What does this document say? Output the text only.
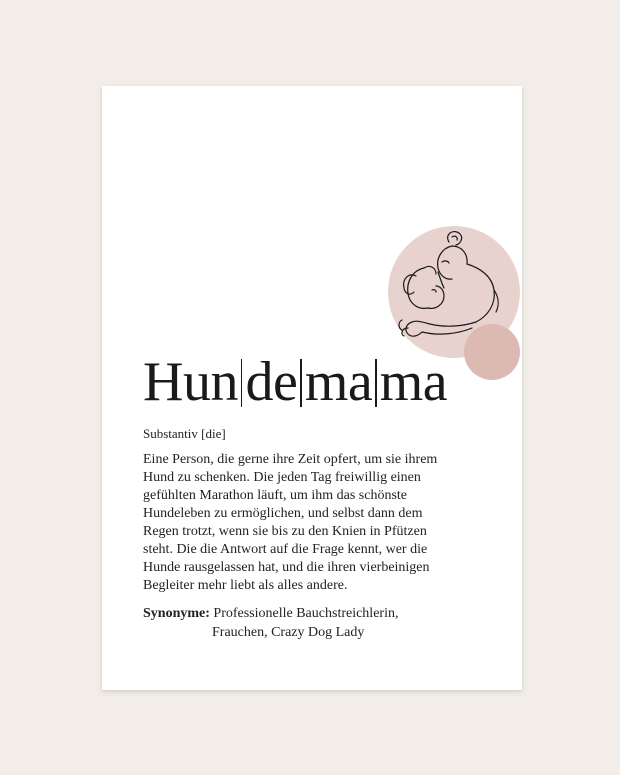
Hun de ma ma
Substantiv [die]
Eine Person, die gerne ihre Zeit opfert, um sie ihrem
Hund zu schenken. Die jeden Tag freiwillig einen
gefühlten Marathon läuft, um ihm das schönste
Hundeleben zu ermöglichen, und selbst dann dem
Regen trotzt, wenn sie bis zu den Knien in Pfützen
steht. Die die Antwort auf die Frage kennt, wer die
Hunde rausgelassen hat, und die ihren vierbeinigen
Begleiter mehr liebt als alles andere.
Synonyme: Professionelle Bauchstreichlerin,
Frauchen, Crazy Dog Lady
